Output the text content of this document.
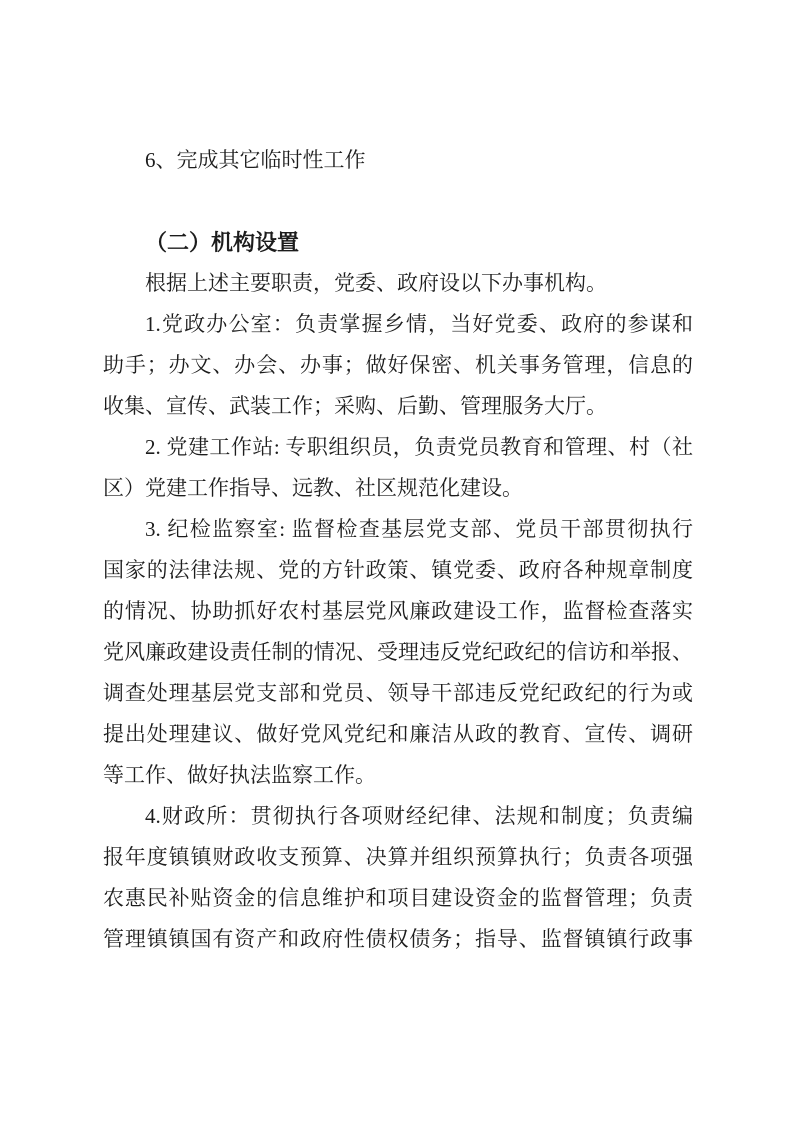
6、完成其它临时性工作
（二）机构设置
根据上述主要职责，党委、政府设以下办事机构。
1.党政办公室：负责掌握乡情，当好党委、政府的参谋和
助手；办文、办会、办事；做好保密、机关事务管理，信息的
收集、宣传、武装工作；采购、后勤、管理服务大厅。
2. 党建工作站: 专职组织员，负责党员教育和管理、村（社
区）党建工作指导、远教、社区规范化建设。
3. 纪检监察室: 监督检查基层党支部、党员干部贯彻执行
国家的法律法规、党的方针政策、镇党委、政府各种规章制度
的情况、协助抓好农村基层党风廉政建设工作，监督检查落实
党风廉政建设责任制的情况、受理违反党纪政纪的信访和举报、
调查处理基层党支部和党员、领导干部违反党纪政纪的行为或
提出处理建议、做好党风党纪和廉洁从政的教育、宣传、调研
等工作、做好执法监察工作。
4.财政所：贯彻执行各项财经纪律、法规和制度；负责编
报年度镇镇财政收支预算、决算并组织预算执行；负责各项强
农惠民补贴资金的信息维护和项目建设资金的监督管理；负责
管理镇镇国有资产和政府性债权债务；指导、监督镇镇行政事
